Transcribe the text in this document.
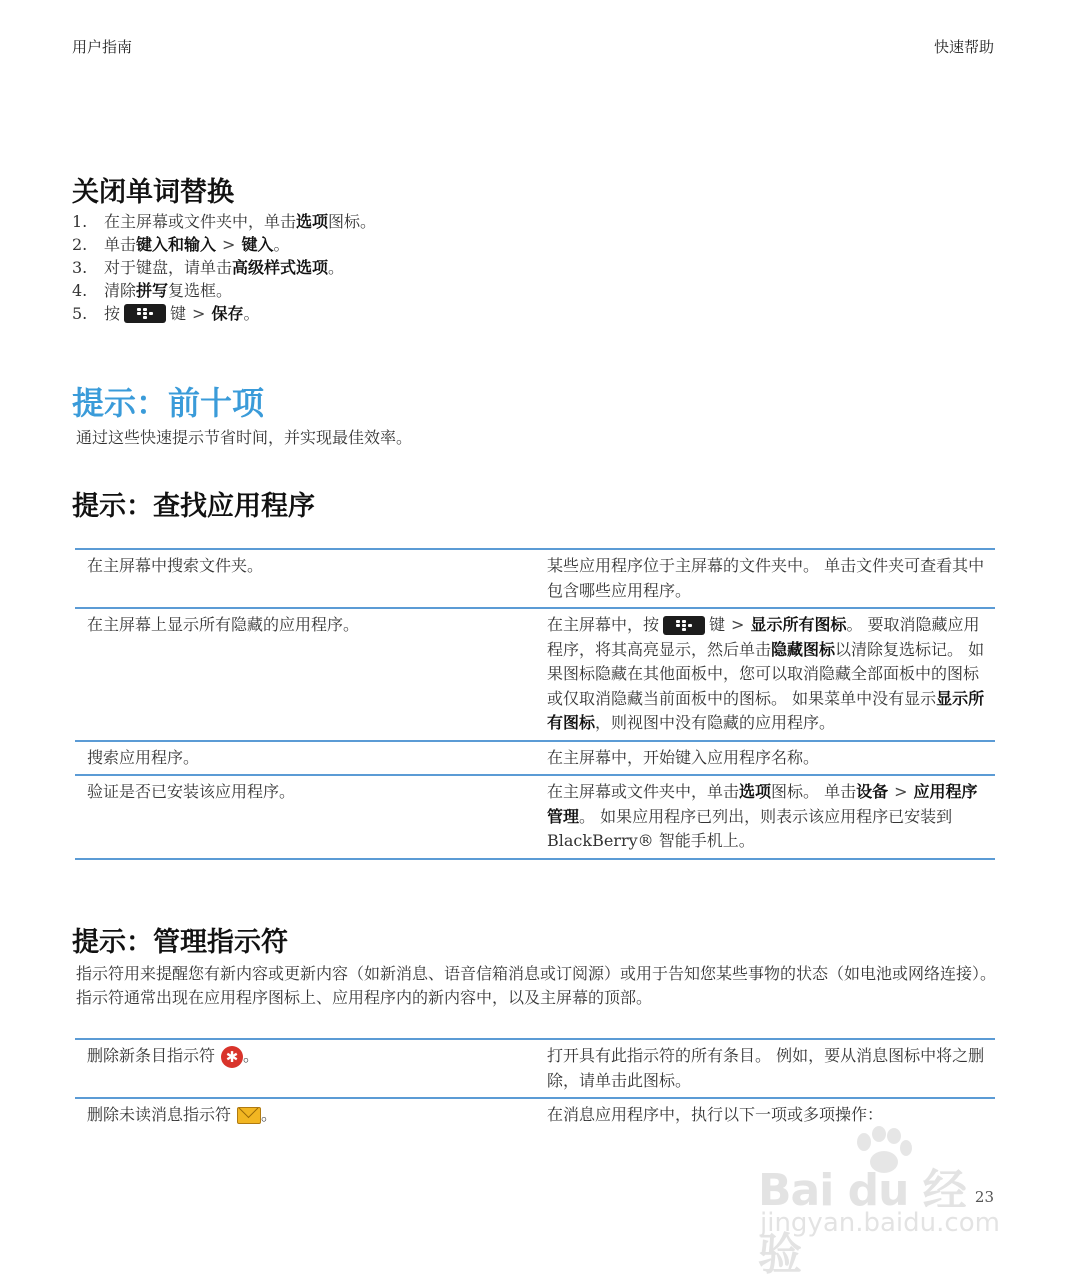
用户指南	快速帮助
关闭单词替换
1.	在主屏幕或文件夹中，单击 选项 图标。
2.	单击 键入和输入 > 键入 。
3.	对于键盘，请单击 高级样式选项 。
4.	清除 拼写 复选框。
5.	按	键 > 保存 。
提示：前十项

通过这些快速提示节省时间，并实现最佳效率。

提示：查找应用程序
在主屏幕中搜索文件夹。	某些应用程序位于主屏幕的文件夹中。 单击文件夹可查看其中包含哪些应用程序。
在主屏幕上显示所有隐藏的应用程序。	在主屏幕中，按 键 > 显示所有图标。 要取消隐藏应用程序，将其高亮显示，然后单击隐藏图标以清除复选标记。 如果图标隐藏在其他面板中，您可以取消隐藏全部面板中的图标或仅取消隐藏当前面板中的图标。 如果菜单中没有显示显示所有图标，则视图中没有隐藏的应用程序。
搜索应用程序。	在主屏幕中，开始键入应用程序名称。
验证是否已安装该应用程序。	在主屏幕或文件夹中，单击选项图标。 单击设备 > 应用程序管理。 如果应用程序已列出，则表示该应用程序已安装到 BlackBerry® 智能手机上。
提示：管理指示符

指示符用来提醒您有新内容或更新内容（如新消息、语音信箱消息或订阅源）或用于告知您某些事物的状态（如电池或网络连接）。 指示符通常出现在应用程序图标上、应用程序内的新内容中，以及主屏幕的顶部。

删除新条目指示符 ✱ 。	打开具有此指示符的所有条目。 例如，要从消息图标中将之删除，请单击此图标。
删除未读消息指示符 。	在消息应用程序中，执行以下一项或多项操作：
23
Bai du 经验
jingyan.baidu.com
